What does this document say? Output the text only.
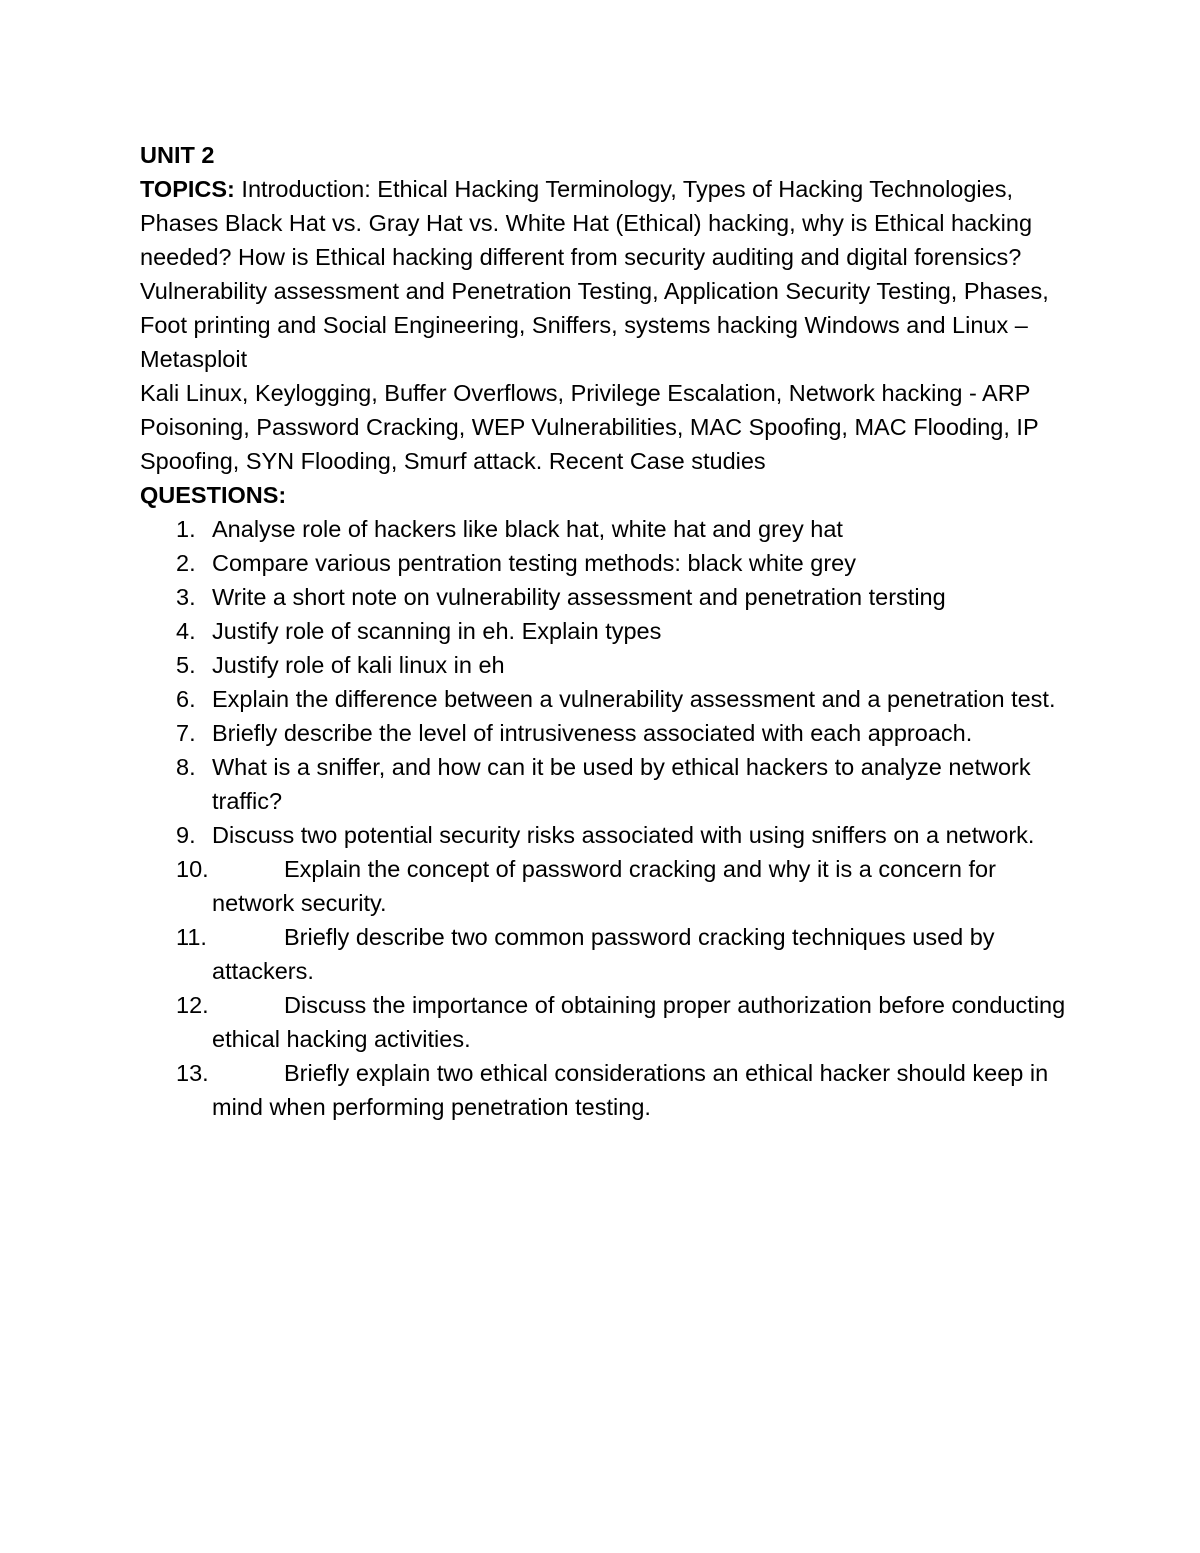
UNIT 2
TOPICS: Introduction: Ethical Hacking Terminology, Types of Hacking Technologies, Phases Black Hat vs. Gray Hat vs. White Hat (Ethical) hacking, why is Ethical hacking needed? How is Ethical hacking different from security auditing and digital forensics?
Vulnerability assessment and Penetration Testing, Application Security Testing, Phases, Foot printing and Social Engineering, Sniffers, systems hacking Windows and Linux – Metasploit
Kali Linux, Keylogging, Buffer Overflows, Privilege Escalation, Network hacking - ARP Poisoning, Password Cracking, WEP Vulnerabilities, MAC Spoofing, MAC Flooding, IP Spoofing, SYN Flooding, Smurf attack. Recent Case studies
QUESTIONS:
1. Analyse role of hackers like black hat, white hat and grey hat
2. Compare various pentration testing methods: black white grey
3. Write a short note on vulnerability assessment and penetration tersting
4. Justify role of scanning in eh. Explain types
5. Justify role of kali linux in eh
6. Explain the difference between a vulnerability assessment and a penetration test.
7. Briefly describe the level of intrusiveness associated with each approach.
8. What is a sniffer, and how can it be used by ethical hackers to analyze network traffic?
9. Discuss two potential security risks associated with using sniffers on a network.
10.	Explain the concept of password cracking and why it is a concern for network security.
11.	Briefly describe two common password cracking techniques used by attackers.
12.	Discuss the importance of obtaining proper authorization before conducting ethical hacking activities.
13.	Briefly explain two ethical considerations an ethical hacker should keep in mind when performing penetration testing.
